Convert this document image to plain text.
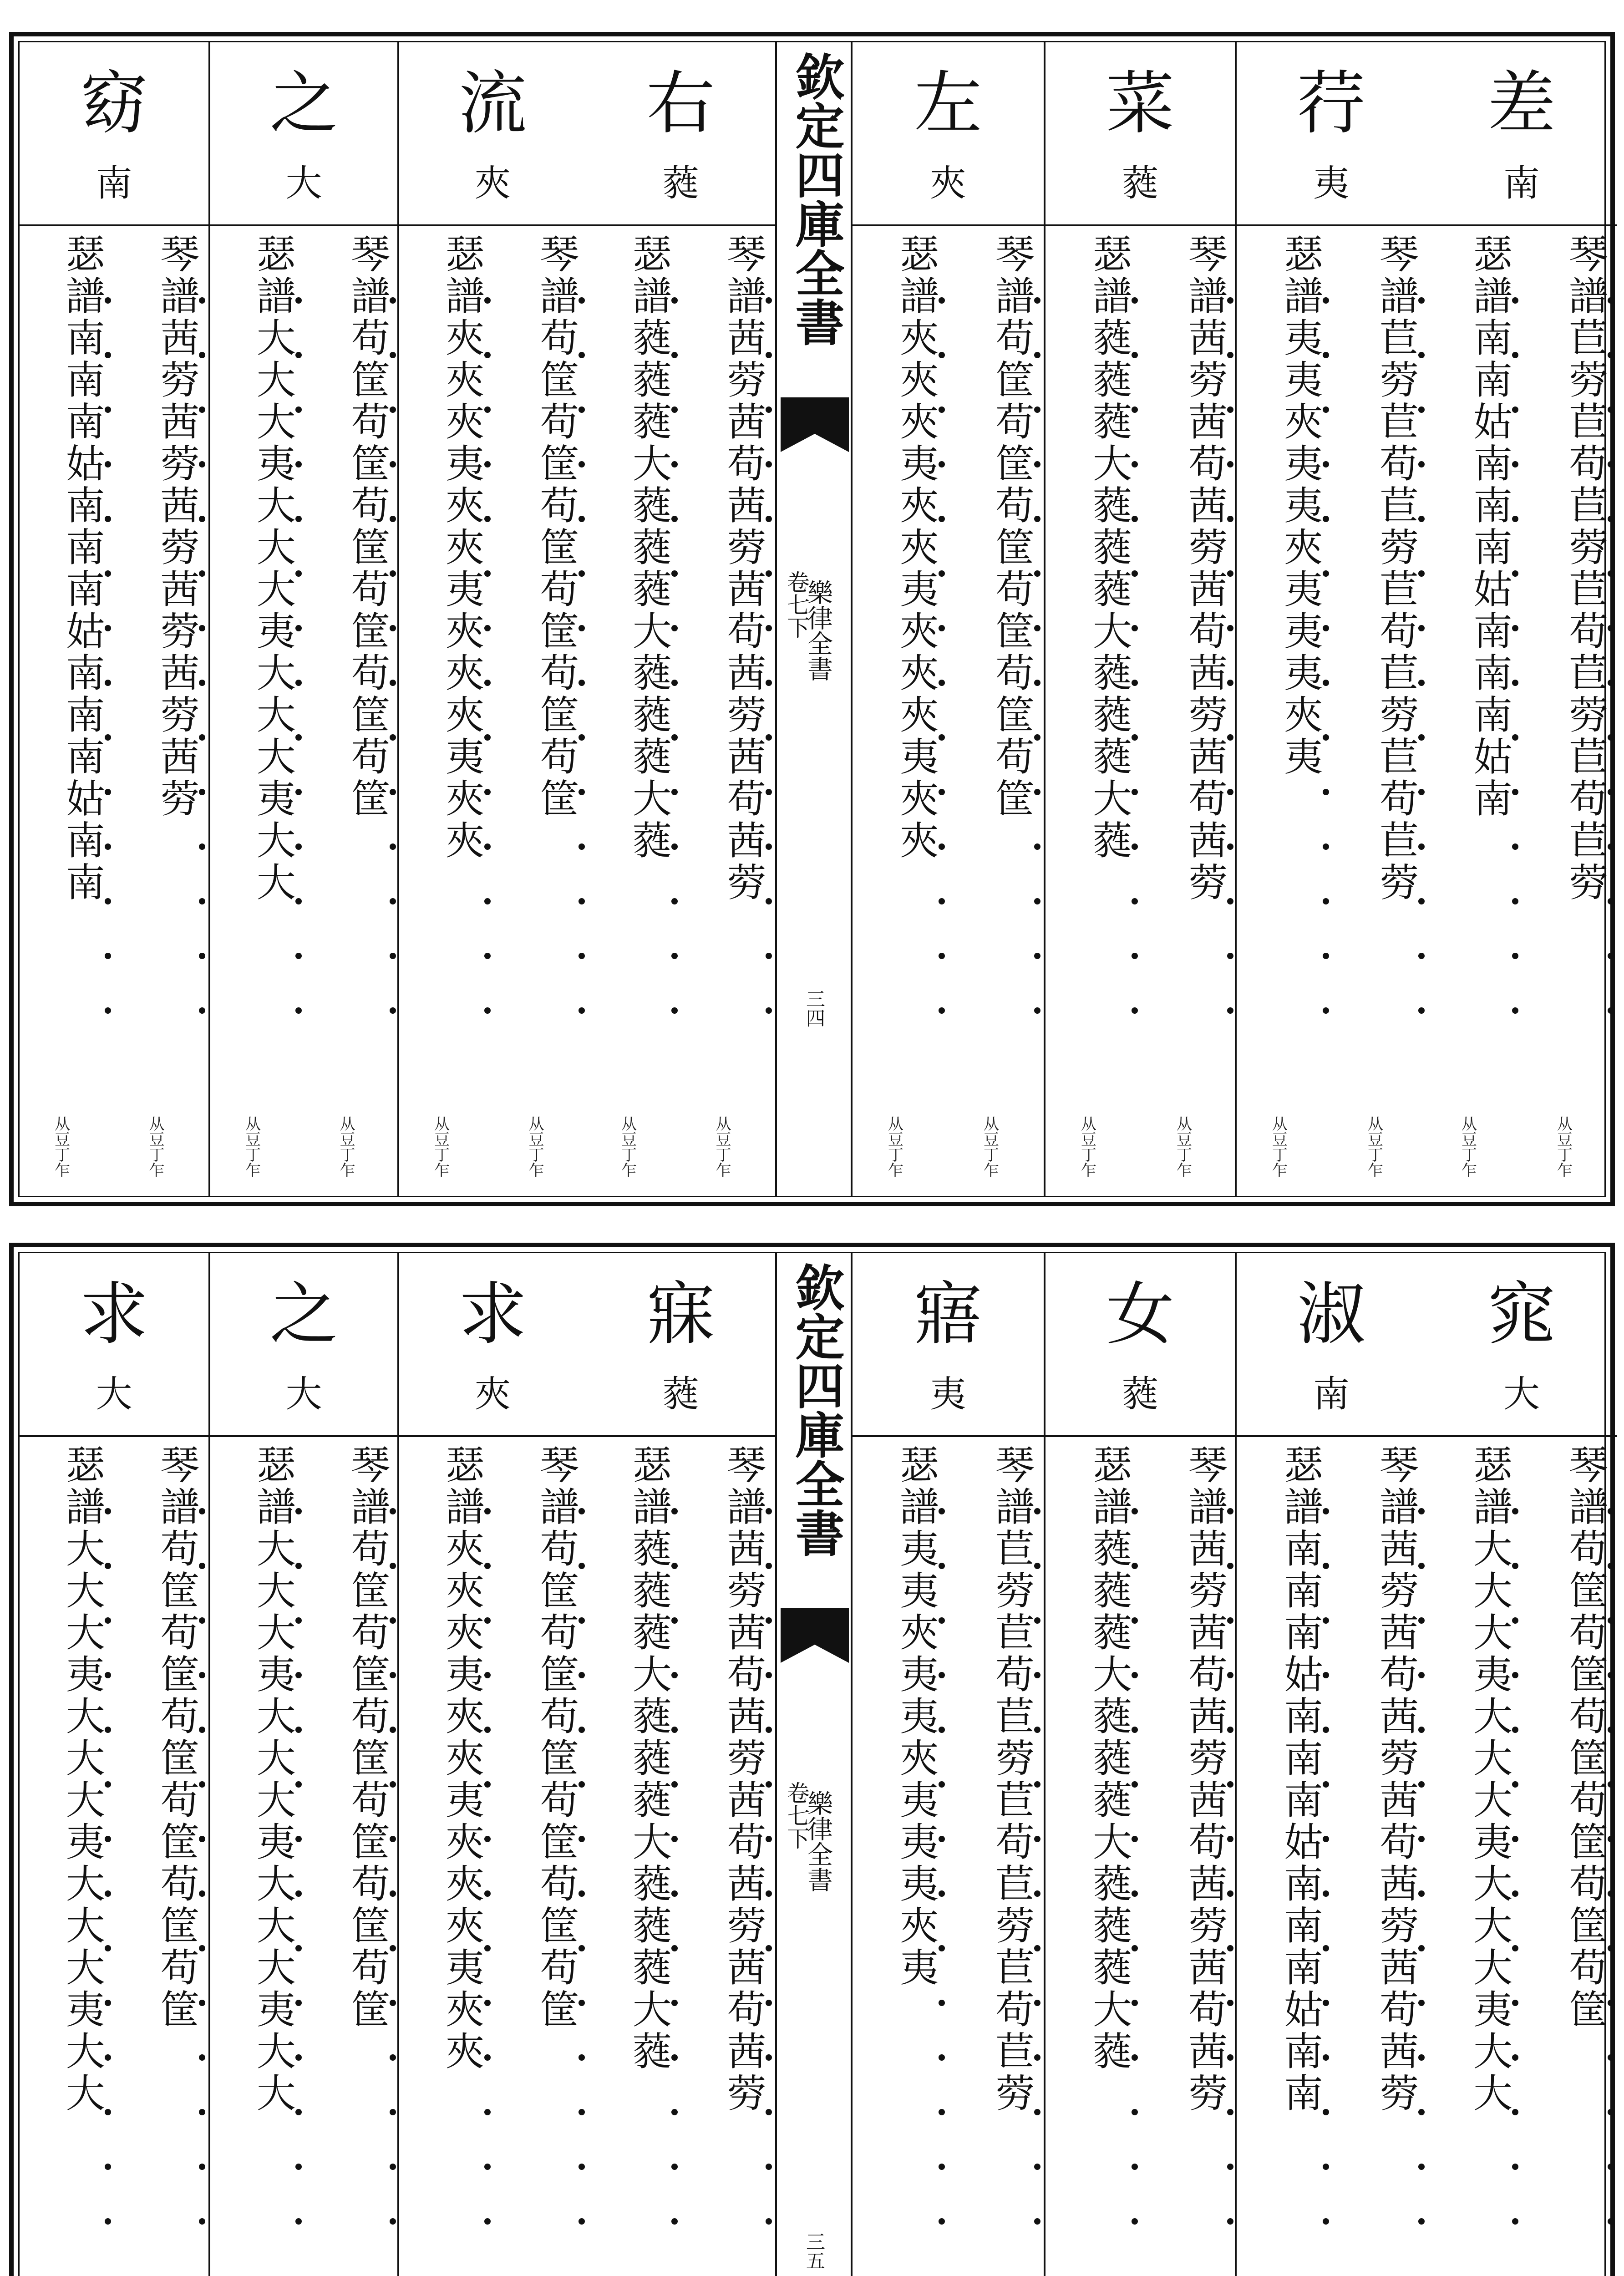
右
蕤
琴譜茜䓖茜苟茜䓖茜苟茜䓖茜苟茜䓖
从豆丁乍
瑟譜蕤蕤蕤大蕤蕤蕤大蕤蕤蕤大蕤
从豆丁乍
流
夾
琴譜苟筐苟筐苟筐苟筐苟筐苟筐
从豆丁乍
瑟譜夾夾夾夷夾夾夷夾夾夾夷夾夾
从豆丁乍
之
大
琴譜苟筐苟筐苟筐苟筐苟筐苟筐
从豆丁乍
瑟譜大大大夷大大大夷大大大夷大大
从豆丁乍
窈
南
琴譜茜䓖茜䓖茜䓖茜䓖茜䓖茜䓖
从豆丁乍
瑟譜南南南姑南南南姑南南南姑南南
从豆丁乍
欽定四庫全書
樂律全書
卷七下
三四
差
南
琴譜苣䓖苣苟苣䓖苣苟苣䓖苣苟苣䓖
从豆丁乍
瑟譜南南姑南南南姑南南南姑南
从豆丁乍
荇
夷
琴譜苣䓖苣苟苣䓖苣苟苣䓖苣苟苣䓖
从豆丁乍
瑟譜夷夷夾夷夷夾夷夷夷夾夷
从豆丁乍
菜
蕤
琴譜茜䓖茜苟茜䓖茜苟茜䓖茜苟茜䓖
从豆丁乍
瑟譜蕤蕤蕤大蕤蕤蕤大蕤蕤蕤大蕤
从豆丁乍
左
夾
琴譜苟筐苟筐苟筐苟筐苟筐苟筐
从豆丁乍
瑟譜夾夾夾夷夾夾夷夾夾夾夷夾夾
从豆丁乍
寐
蕤
琴譜茜䓖茜苟茜䓖茜苟茜䓖茜苟茜䓖
瑟譜蕤蕤蕤大蕤蕤蕤大蕤蕤蕤大蕤
求
夾
琴譜苟筐苟筐苟筐苟筐苟筐苟筐
瑟譜夾夾夾夷夾夾夷夾夾夾夷夾夾
之
大
琴譜苟筐苟筐苟筐苟筐苟筐苟筐
瑟譜大大大夷大大大夷大大大夷大大
求
大
琴譜苟筐苟筐苟筐苟筐苟筐苟筐
瑟譜大大大夷大大大夷大大大夷大大
欽定四庫全書
樂律全書
卷七下
三五
窕
大
琴譜苟筐苟筐苟筐苟筐苟筐苟筐
瑟譜大大大夷大大大夷大大大夷大大
淑
南
琴譜茜䓖茜苟茜䓖茜苟茜䓖茜苟茜䓖
瑟譜南南南姑南南南姑南南南姑南南
女
蕤
琴譜茜䓖茜苟茜䓖茜苟茜䓖茜苟茜䓖
瑟譜蕤蕤蕤大蕤蕤蕤大蕤蕤蕤大蕤
寤
夷
琴譜苣䓖苣苟苣䓖苣苟苣䓖苣苟苣䓖
瑟譜夷夷夾夷夷夾夷夷夷夾夷
